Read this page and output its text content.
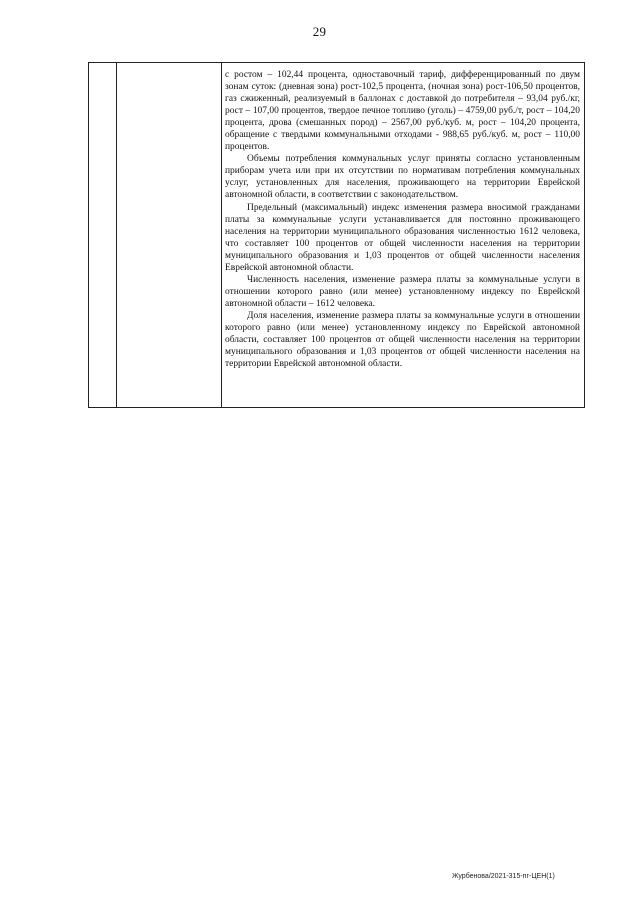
29

с ростом – 102,44 процента, одноставочный тариф, дифференцированный по двум зонам суток: (дневная зона) рост-102,5 процента, (ночная зона) рост-106,50 процентов, газ сжиженный, реализуемый в баллонах с доставкой до потребителя – 93,04 руб./кг, рост – 107,00 процентов, твердое печное топливо (уголь) – 4759,00 руб./т, рост – 104,20 процента, дрова (смешанных пород) – 2567,00 руб./куб. м, рост – 104,20 процента, обращение с твердыми коммунальными отходами - 988,65 руб./куб. м, рост – 110,00 процентов.

Объемы потребления коммунальных услуг приняты согласно установленным приборам учета или при их отсутствии по нормативам потребления коммунальных услуг, установленных для населения, проживающего на территории Еврейской автономной области, в соответствии с законодательством.

Предельный (максимальный) индекс изменения размера вносимой гражданами платы за коммунальные услуги устанавливается для постоянно проживающего населения на территории муниципального образования численностью 1612 человека, что составляет 100 процентов от общей численности населения на территории муниципального образования и 1,03 процентов от общей численности населения Еврейской автономной области.

Численность населения, изменение размера платы за коммунальные услуги в отношении которого равно (или менее) установленному индексу по Еврейской автономной области – 1612 человека.

Доля населения, изменение размера платы за коммунальные услуги в отношении которого равно (или менее) установленному индексу по Еврейской автономной области, составляет 100 процентов от общей численности населения на территории муниципального образования и 1,03 процентов от общей численности населения на территории Еврейской автономной области.

Журбенова/2021-315-пг-ЦЕН(1)
